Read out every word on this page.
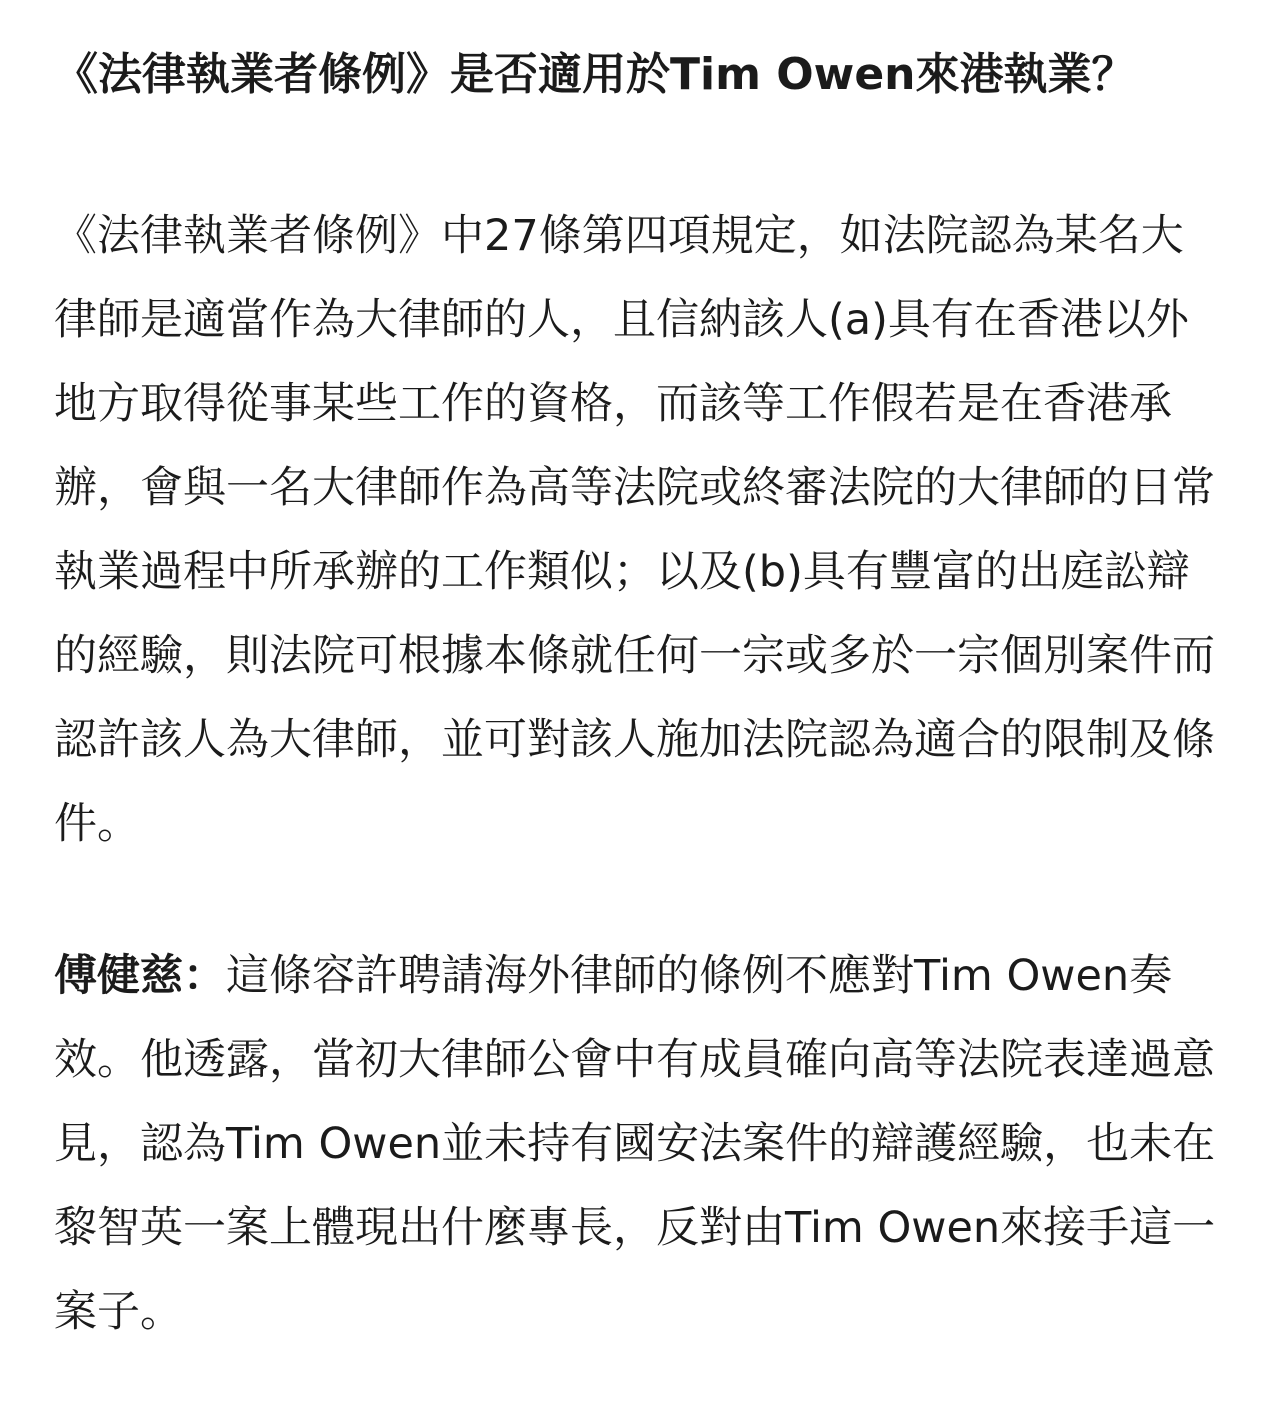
《法律執業者條例》是否適用於Tim Owen來港執業？

《法律執業者條例》中27條第四項規定，如法院認為某名大律師是適當作為大律師的人，且信納該人(a)具有在香港以外地方取得從事某些工作的資格，而該等工作假若是在香港承辦，會與一名大律師作為高等法院或終審法院的大律師的日常執業過程中所承辦的工作類似；以及(b)具有豐富的出庭訟辯的經驗，則法院可根據本條就任何一宗或多於一宗個別案件而認許該人為大律師，並可對該人施加法院認為適合的限制及條件。

傅健慈：這條容許聘請海外律師的條例不應對Tim Owen奏效。他透露，當初大律師公會中有成員確向高等法院表達過意見，認為Tim Owen並未持有國安法案件的辯護經驗，也未在黎智英一案上體現出什麼專長，反對由Tim Owen來接手這一案子。
